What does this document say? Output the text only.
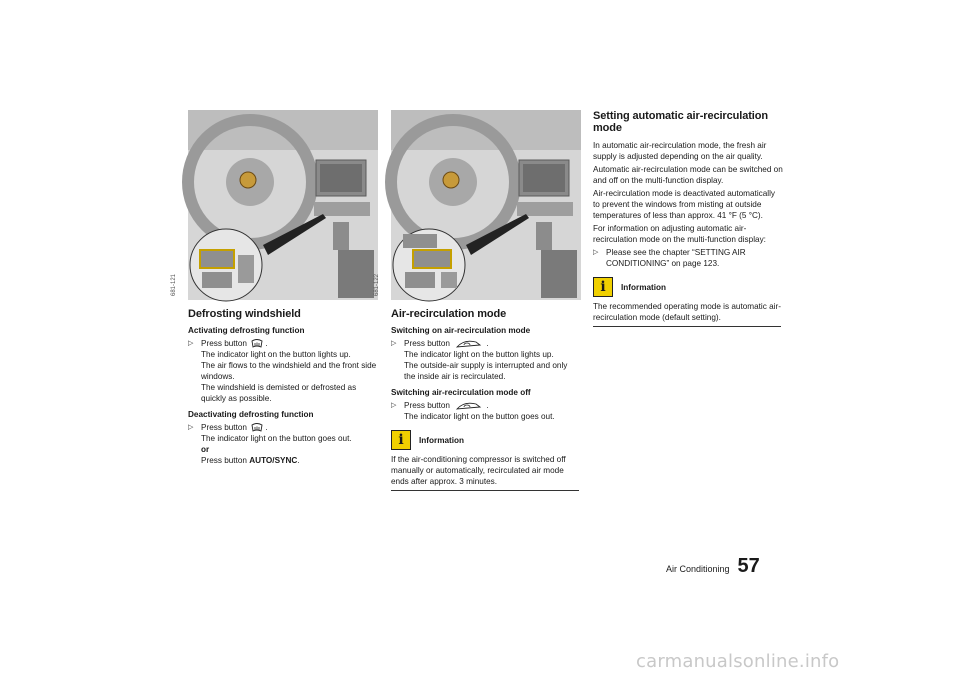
681-121
Defrosting windshield
Activating defrosting function
▷ Press button .
The indicator light on the button lights up.
The air flows to the windshield and the front side windows.
The windshield is demisted or defrosted as quickly as possible.
Deactivating defrosting function
▷ Press button .
The indicator light on the button goes out.
or
Press button AUTO/SYNC.
681-122
Air-recirculation mode
Switching on air-recirculation mode
▷ Press button	.
The indicator light on the button lights up.
The outside-air supply is interrupted and only the inside air is recirculated.
Switching air-recirculation mode off
▷ Press button	.
The indicator light on the button goes out.
i	Information

If the air-conditioning compressor is switched off manually or automatically, recirculated air mode ends after approx. 3 minutes.

Setting automatic air-recirculation mode

In automatic air-recirculation mode, the fresh air supply is adjusted depending on the air quality.

Automatic air-recirculation mode can be switched on and off on the multi-function display.

Air-recirculation mode is deactivated automatically to prevent the windows from misting at outside temperatures of less than approx. 41 °F (5 °C).

For information on adjusting automatic air-recirculation mode on the multi-function display:

▷ Please see the chapter “SETTING AIR CONDITIONING” on page 123.
i	Information

The recommended operating mode is automatic air-recirculation mode (default setting).

Air Conditioning 57
carmanualsonline.info
